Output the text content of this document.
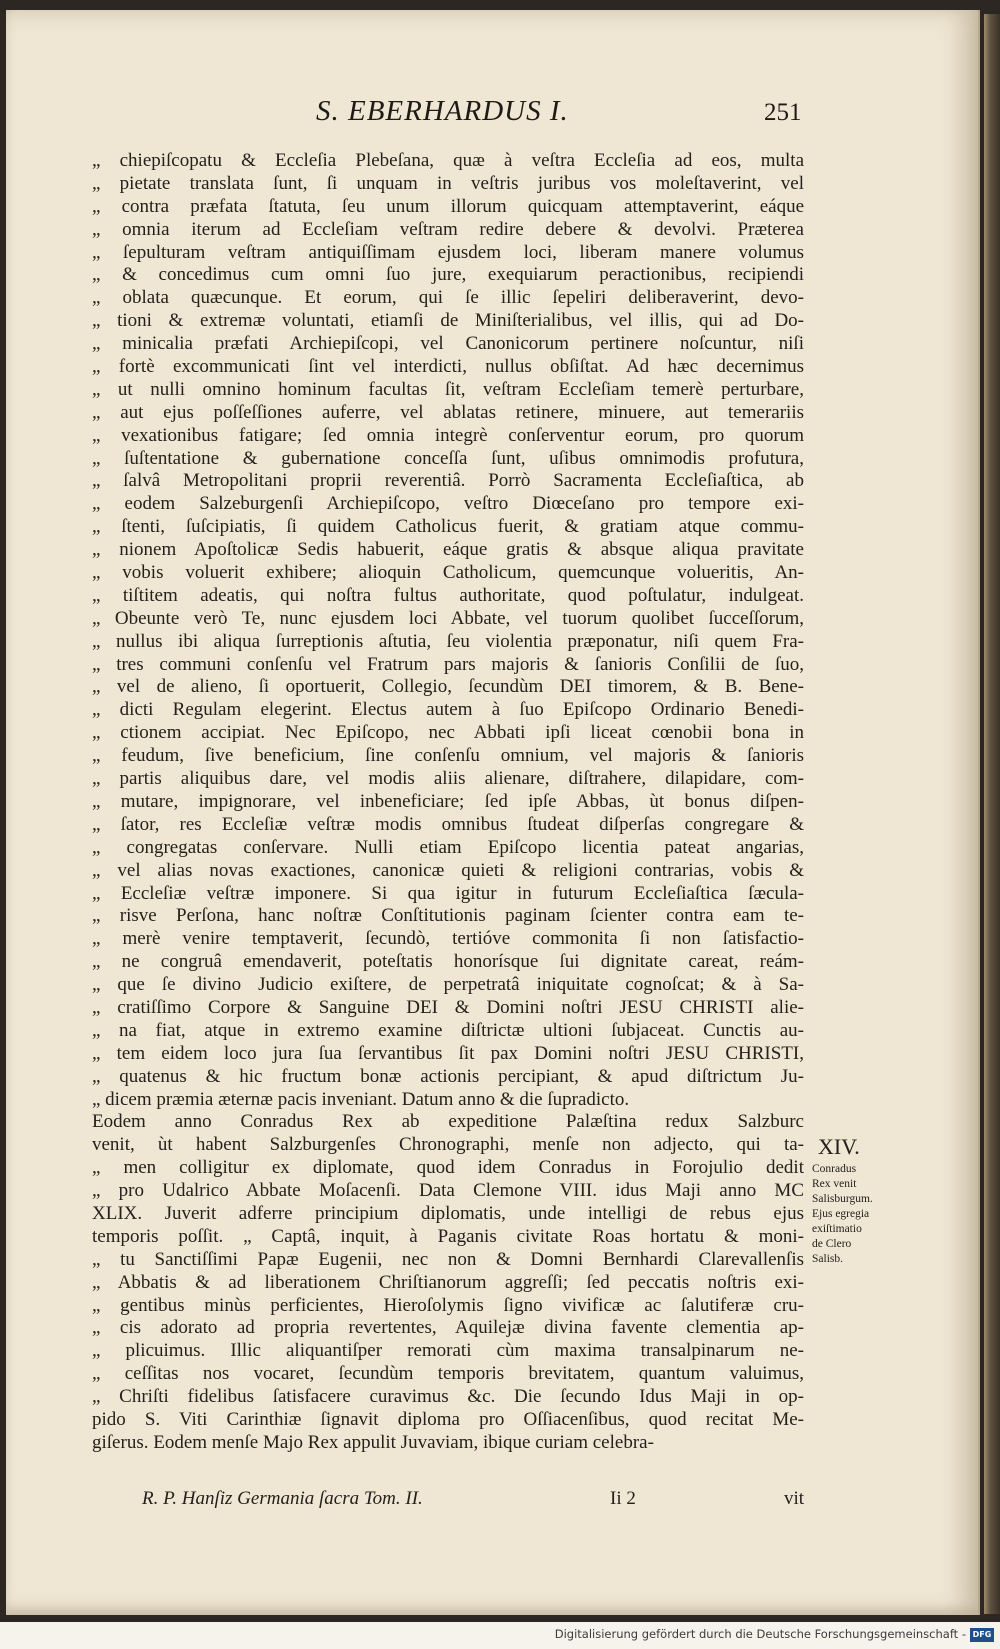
S. EBERHARDUS I.	251
„ chiepiſcopatu & Eccleſia Plebeſana, quæ à veſtra Eccleſia ad eos, multa
„ pietate translata ſunt, ſi unquam in veſtris juribus vos moleſtaverint, vel
„ contra præfata ſtatuta, ſeu unum illorum quicquam attemptaverint, eáque
„ omnia iterum ad Eccleſiam veſtram redire debere & devolvi. Præterea
„ ſepulturam veſtram antiquiſſimam ejusdem loci, liberam manere volumus
„ & concedimus cum omni ſuo jure, exequiarum peractionibus, recipiendi
„ oblata quæcunque. Et eorum, qui ſe illic ſepeliri deliberaverint, devo-
„ tioni & extremæ voluntati, etiamſi de Miniſterialibus, vel illis, qui ad Do-
„ minicalia præfati Archiepiſcopi, vel Canonicorum pertinere noſcuntur, niſi
„ fortè excommunicati ſint vel interdicti, nullus obſiſtat. Ad hæc decernimus
„ ut nulli omnino hominum facultas ſit, veſtram Eccleſiam temerè perturbare,
„ aut ejus poſſeſſiones auferre, vel ablatas retinere, minuere, aut temerariis
„ vexationibus fatigare; ſed omnia integrè conſerventur eorum, pro quorum
„ ſuſtentatione & gubernatione conceſſa ſunt, uſibus omnimodis profutura,
„ ſalvâ Metropolitani proprii reverentiâ. Porrò Sacramenta Eccleſiaſtica, ab
„ eodem Salzeburgenſi Archiepiſcopo, veſtro Diœceſano pro tempore exi-
„ ſtenti, ſuſcipiatis, ſi quidem Catholicus fuerit, & gratiam atque commu-
„ nionem Apoſtolicæ Sedis habuerit, eáque gratis & absque aliqua pravitate
„ vobis voluerit exhibere; alioquin Catholicum, quemcunque volueritis, An-
„ tiſtitem adeatis, qui noſtra fultus authoritate, quod poſtulatur, indulgeat.
„ Obeunte verò Te, nunc ejusdem loci Abbate, vel tuorum quolibet ſucceſſorum,
„ nullus ibi aliqua ſurreptionis aſtutia, ſeu violentia præponatur, niſi quem Fra-
„ tres communi conſenſu vel Fratrum pars majoris & ſanioris Conſilii de ſuo,
„ vel de alieno, ſi oportuerit, Collegio, ſecundùm DEI timorem, & B. Bene-
„ dicti Regulam elegerint. Electus autem à ſuo Epiſcopo Ordinario Benedi-
„ ctionem accipiat. Nec Epiſcopo, nec Abbati ipſi liceat cœnobii bona in
„ feudum, ſive beneficium, ſine conſenſu omnium, vel majoris & ſanioris
„ partis aliquibus dare, vel modis aliis alienare, diſtrahere, dilapidare, com-
„ mutare, impignorare, vel inbeneficiare; ſed ipſe Abbas, ùt bonus diſpen-
„ ſator, res Eccleſiæ veſtræ modis omnibus ſtudeat diſperſas congregare &
„ congregatas conſervare. Nulli etiam Epiſcopo licentia pateat angarias,
„ vel alias novas exactiones, canonicæ quieti & religioni contrarias, vobis &
„ Eccleſiæ veſtræ imponere. Si qua igitur in futurum Eccleſiaſtica ſæcula-
„ risve Perſona, hanc noſtræ Conſtitutionis paginam ſcienter contra eam te-
„ merè venire temptaverit, ſecundò, tertióve commonita ſi non ſatisfactio-
„ ne congruâ emendaverit, poteſtatis honorísque ſui dignitate careat, reám-
„ que ſe divino Judicio exiſtere, de perpetratâ iniquitate cognoſcat; & à Sa-
„ cratiſſimo Corpore & Sanguine DEI & Domini noſtri JESU CHRISTI alie-
„ na fiat, atque in extremo examine diſtrictæ ultioni ſubjaceat. Cunctis au-
„ tem eidem loco jura ſua ſervantibus ſit pax Domini noſtri JESU CHRISTI,
„ quatenus & hic fructum bonæ actionis percipiant, & apud diſtrictum Ju-
„ dicem præmia æternæ pacis inveniant. Datum anno & die ſupradicto.
Eodem anno Conradus Rex ab expeditione Palæſtina redux Salzburc
venit, ùt habent Salzburgenſes Chronographi, menſe non adjecto, qui ta-
„ men colligitur ex diplomate, quod idem Conradus in Forojulio dedit
„ pro Udalrico Abbate Moſacenſi. Data Clemone VIII. idus Maji anno MC
XLIX. Juverit adferre principium diplomatis, unde intelligi de rebus ejus
temporis poſſit. „ Captâ, inquit, à Paganis civitate Roas hortatu & moni-
„ tu Sanctiſſimi Papæ Eugenii, nec non & Domni Bernhardi Clarevallenſis
„ Abbatis & ad liberationem Chriſtianorum aggreſſi; ſed peccatis noſtris exi-
„ gentibus minùs perficientes, Hieroſolymis ſigno vivificæ ac ſalutiferæ cru-
„ cis adorato ad propria revertentes, Aquilejæ divina favente clementia ap-
„ plicuimus. Illic aliquantiſper remorati cùm maxima transalpinarum ne-
„ ceſſitas nos vocaret, ſecundùm temporis brevitatem, quantum valuimus,
„ Chriſti fidelibus ſatisfacere curavimus &c. Die ſecundo Idus Maji in op-
pido S. Viti Carinthiæ ſignavit diploma pro Oſſiacenſibus, quod recitat Me-
giſerus. Eodem menſe Majo Rex appulit Juvaviam, ibique curiam celebra-
XIV.
Conradus
Rex venit
Salisburgum.
Ejus egregia
exiſtimatio
de Clero
Salisb.
R. P. Hanſiz Germania ſacra Tom. II.	Ii 2	vit
Digitalisierung gefördert durch die Deutsche Forschungsgemeinschaft - DFG
